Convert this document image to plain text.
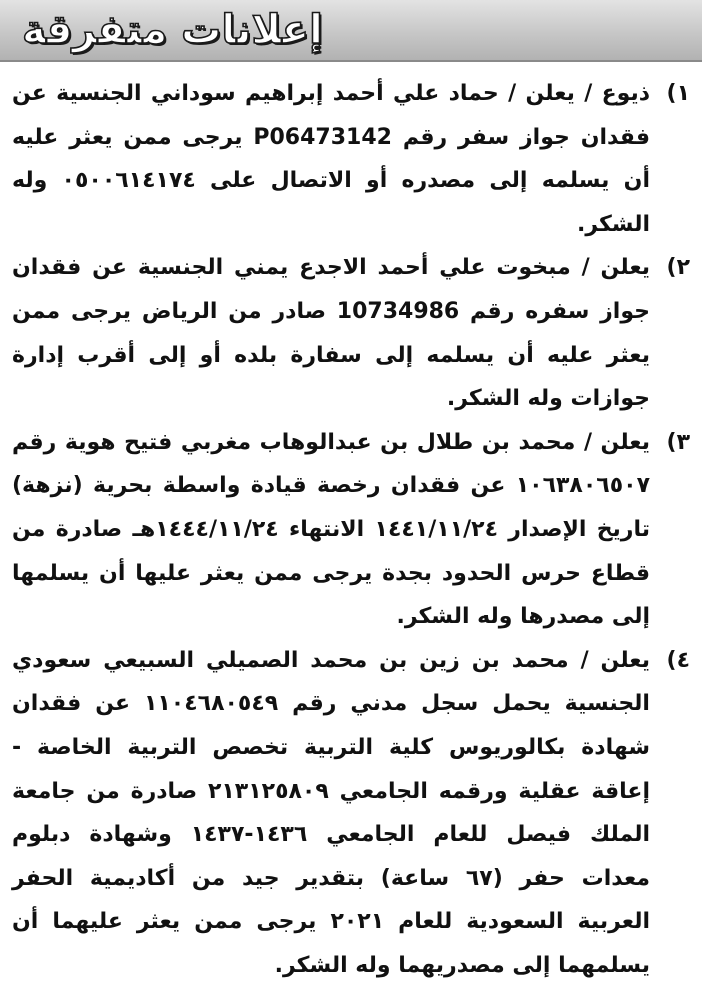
إعلانات متفرقة
١)
ذيوع / يعلن / حماد علي أحمد إبراهيم سوداني الجنسية عن فقدان جواز سفر رقم P06473142 يرجى ممن يعثر عليه أن يسلمه إلى مصدره أو الاتصال على ٠٥٠٠٦١٤١٧٤ وله الشكر.
٢)
يعلن / مبخوت علي أحمد الاجدع يمني الجنسية عن فقدان جواز سفره رقم 10734986 صادر من الرياض يرجى ممن يعثر عليه أن يسلمه إلى سفارة بلده أو إلى أقرب إدارة جوازات وله الشكر.
٣)
يعلن / محمد بن طلال بن عبدالوهاب مغربي فتيح هوية رقم ١٠٦٣٨٠٦٥٠٧ عن فقدان رخصة قيادة واسطة بحرية (نزهة) تاريخ الإصدار ١٤٤١/١١/٢٤ الانتهاء ١٤٤٤/١١/٢٤هـ صادرة من قطاع حرس الحدود بجدة يرجى ممن يعثر عليها أن يسلمها إلى مصدرها وله الشكر.
٤)
يعلن / محمد بن زين بن محمد الصميلي السبيعي سعودي الجنسية يحمل سجل مدني رقم ١١٠٤٦٨٠٥٤٩ عن فقدان شهادة بكالوريوس كلية التربية تخصص التربية الخاصة - إعاقة عقلية ورقمه الجامعي ٢١٣١٢٥٨٠٩ صادرة من جامعة الملك فيصل للعام الجامعي ١٤٣٦-١٤٣٧ وشهادة دبلوم معدات حفر (٦٧ ساعة) بتقدير جيد من أكاديمية الحفر العربية السعودية للعام ٢٠٢١ يرجى ممن يعثر عليهما أن يسلمهما إلى مصدريهما وله الشكر.
